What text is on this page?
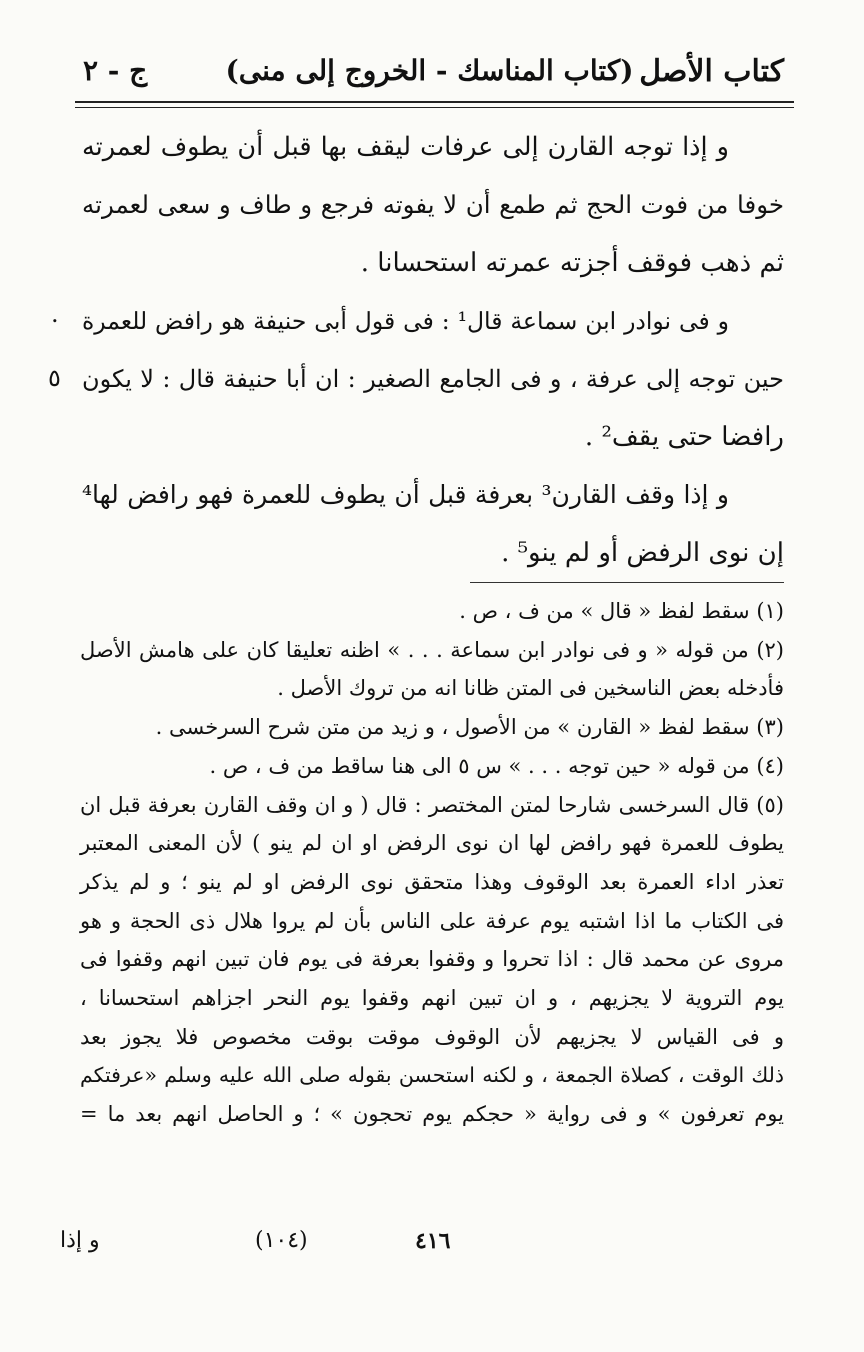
كتاب الأصل
(كتاب المناسك - الخروج إلى منى)
ج - ٢

و إذا توجه القارن إلى عرفات ليقف بها قبل أن يطوف لعمرته

خوفا من فوت الحج ثم طمع أن لا يفوته فرجع و طاف و سعى لعمرته

ثم ذهب فوقف أجزته عمرته استحسانا .

و فى نوادر ابن سماعة قال¹ : فى قول أبى حنيفة هو رافض للعمرة

حين توجه إلى عرفة ، و فى الجامع الصغير : ان أبا حنيفة قال : لا يكون

رافضا حتى يقف² .

و إذا وقف القارن³ بعرفة قبل أن يطوف للعمرة فهو رافض لها⁴

إن نوى الرفض أو لم ينو⁵ .

.
٥

(١) سقط لفظ « قال » من ف ، ص .

(٢) من قوله « و فى نوادر ابن سماعة . . . » اظنه تعليقا كان على هامش الأصل

فأدخله بعض الناسخين فى المتن ظانا انه من تروك الأصل .

(٣) سقط لفظ « القارن » من الأصول ، و زيد من متن شرح السرخسى .

(٤) من قوله « حين توجه . . . » س ٥ الى هنا ساقط من ف ، ص .

(٥) قال السرخسى شارحا لمتن المختصر : قال ( و ان وقف القارن بعرفة قبل ان

يطوف للعمرة فهو رافض لها ان نوى الرفض او ان لم ينو ) لأن المعنى المعتبر

تعذر اداء العمرة بعد الوقوف وهذا متحقق نوى الرفض او لم ينو ؛ و لم يذكر

فى الكتاب ما اذا اشتبه يوم عرفة على الناس بأن لم يروا هلال ذى الحجة و هو

مروى عن محمد قال : اذا تحروا و وقفوا بعرفة فى يوم فان تبين انهم وقفوا فى

يوم التروية لا يجزيهم ، و ان تبين انهم وقفوا يوم النحر اجزاهم استحسانا ،

و فى القياس لا يجزيهم لأن الوقوف موقت بوقت مخصوص فلا يجوز بعد

ذلك الوقت ، كصلاة الجمعة ، و لكنه استحسن بقوله صلى الله عليه وسلم «عرفتكم

يوم تعرفون » و فى رواية « حجكم يوم تحجون » ؛ و الحاصل انهم بعد ما =

٤١٦
(١٠٤)
و إذا
